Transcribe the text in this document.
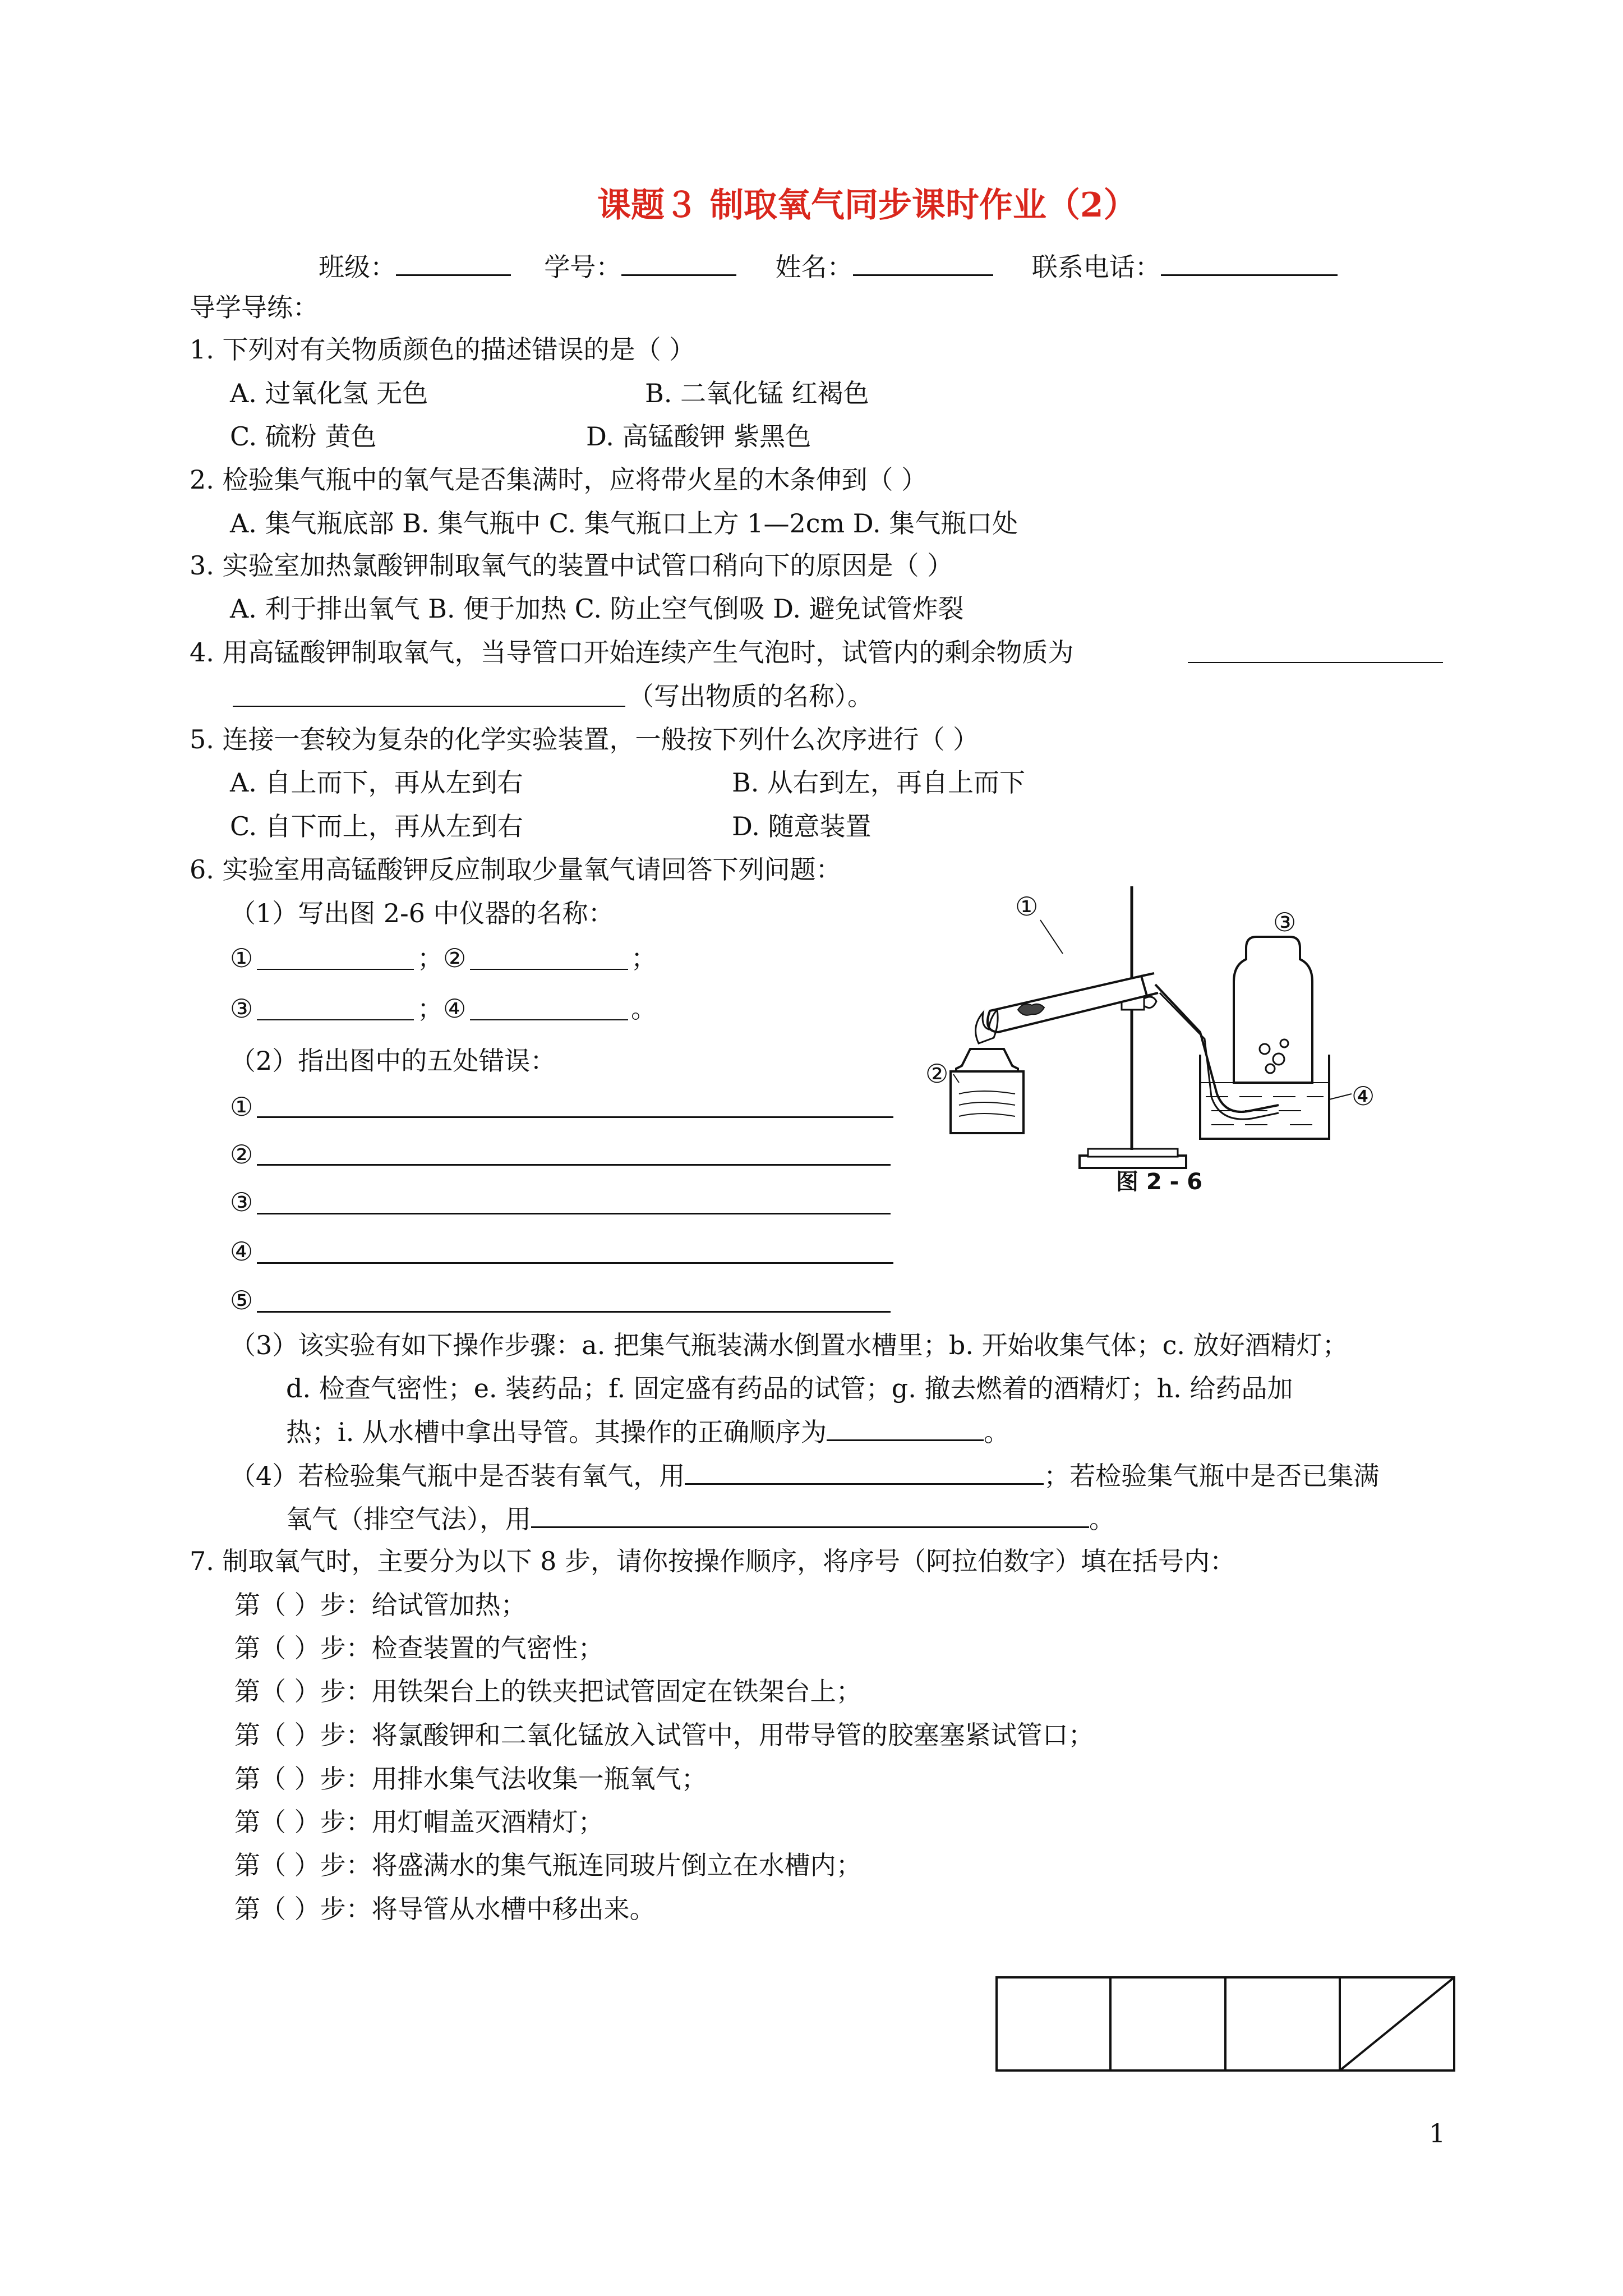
课题３ 制取氧气同步课时作业（2）
班级：	学号：	姓名：	联系电话：
导学导练：
1. 下列对有关物质颜色的描述错误的是（ ）
A. 过氧化氢 无色	B. 二氧化锰 红褐色
C. 硫粉 黄色	D. 高锰酸钾 紫黑色
2. 检验集气瓶中的氧气是否集满时，应将带火星的木条伸到（ ）
A. 集气瓶底部 B. 集气瓶中 C. 集气瓶口上方 1—2cm D. 集气瓶口处
3. 实验室加热氯酸钾制取氧气的装置中试管口稍向下的原因是（ ）
A. 利于排出氧气 B. 便于加热 C. 防止空气倒吸 D. 避免试管炸裂
4. 用高锰酸钾制取氧气，当导管口开始连续产生气泡时，试管内的剩余物质为
（写出物质的名称）。
5. 连接一套较为复杂的化学实验装置，一般按下列什么次序进行（ ）
A. 自上而下，再从左到右	B. 从右到左，再自上而下
C. 自下而上，再从左到右	D. 随意装置
6. 实验室用高锰酸钾反应制取少量氧气请回答下列问题：
（1）写出图 2-6 中仪器的名称：
①	； ②	；
③	； ④	。
（2）指出图中的五处错误：
①
②
③
④
⑤
（3）该实验有如下操作步骤：a. 把集气瓶装满水倒置水槽里；b. 开始收集气体；c. 放好酒精灯；
d. 检查气密性；e. 装药品；f. 固定盛有药品的试管；g. 撤去燃着的酒精灯；h. 给药品加
热；i. 从水槽中拿出导管。其操作的正确顺序为	。
（4）若检验集气瓶中是否装有氧气，用	；若检验集气瓶中是否已集满
氧气（排空气法），用	。
①
②
③
④
图 2 - 6
7. 制取氧气时，主要分为以下 8 步，请你按操作顺序，将序号（阿拉伯数字）填在括号内：
第（ ）步：给试管加热；
第（ ）步：检查装置的气密性；
第（ ）步：用铁架台上的铁夹把试管固定在铁架台上；
第（ ）步：将氯酸钾和二氧化锰放入试管中，用带导管的胶塞塞紧试管口；
第（ ）步：用排水集气法收集一瓶氧气；
第（ ）步：用灯帽盖灭酒精灯；
第（ ）步：将盛满水的集气瓶连同玻片倒立在水槽内；
第（ ）步：将导管从水槽中移出来。
1
